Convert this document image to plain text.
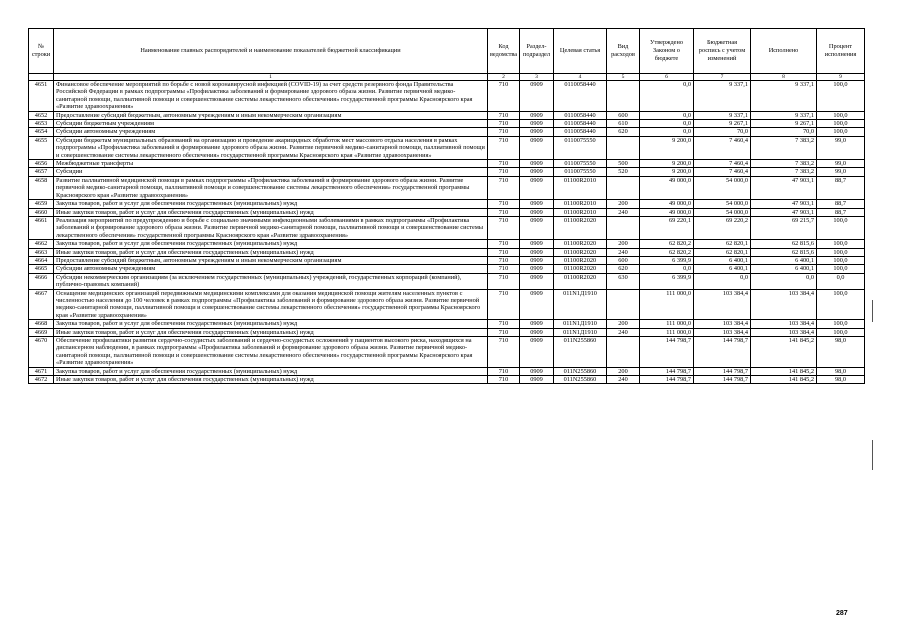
№ строки	Наименование главных распорядителей и наименование показателей бюджетной классификации	Код ведомства	Раздел-подраздел	Целевая статья	Вид расходов	Утверждено Законом о бюджете	Бюджетная роспись с учетом изменений	Исполнено	Процент исполнения
	1	2	3	4	5	6	7	8	9
4651	Финансовое обеспечение мероприятий по борьбе с новой коронавирусной инфекцией (COVID-19) за счет средств резервного фонда Правительства Российской Федерации в рамках подпрограммы «Профилактика заболеваний и формирование здорового образа жизни. Развитие первичной медико-санитарной помощи, паллиативной помощи и совершенствование системы лекарственного обеспечения» государственной программы Красноярского края «Развитие здравоохранения»	710	0909	0110058440		0,0	9 337,1	9 337,1	100,0
4652	Предоставление субсидий бюджетным, автономным учреждениям и иным некоммерческим организациям	710	0909	0110058440	600	0,0	9 337,1	9 337,1	100,0
4653	Субсидии бюджетным учреждениям	710	0909	0110058440	610	0,0	9 267,1	9 267,1	100,0
4654	Субсидии автономным учреждениям	710	0909	0110058440	620	0,0	70,0	70,0	100,0
4655	Субсидии бюджетам муниципальных образований на организацию и проведение акарицидных обработок мест массового отдыха населения в рамках подпрограммы «Профилактика заболеваний и формирование здорового образа жизни. Развитие первичной медико-санитарной помощи, паллиативной помощи и совершенствование системы лекарственного обеспечения» государственной программы Красноярского края «Развитие здравоохранения»	710	0909	0110075550		9 200,0	7 460,4	7 383,2	99,0
4656	Межбюджетные трансферты	710	0909	0110075550	500	9 200,0	7 460,4	7 383,2	99,0
4657	Субсидии	710	0909	0110075550	520	9 200,0	7 460,4	7 383,2	99,0
4658	Развитие паллиативной медицинской помощи в рамках подпрограммы «Профилактика заболеваний и формирование здорового образа жизни. Развитие первичной медико-санитарной помощи, паллиативной помощи и совершенствование системы лекарственного обеспечения» государственной программы Красноярского края «Развитие здравоохранения»	710	0909	01100R2010		49 000,0	54 000,0	47 903,1	88,7
4659	Закупка товаров, работ и услуг для обеспечения государственных (муниципальных) нужд	710	0909	01100R2010	200	49 000,0	54 000,0	47 903,1	88,7
4660	Иные закупки товаров, работ и услуг для обеспечения государственных (муниципальных) нужд	710	0909	01100R2010	240	49 000,0	54 000,0	47 903,1	88,7
4661	Реализация мероприятий по предупреждению и борьбе с социально значимыми инфекционными заболеваниями в рамках подпрограммы «Профилактика заболеваний и формирование здорового образа жизни. Развитие первичной медико-санитарной помощи, паллиативной помощи и совершенствование системы лекарственного обеспечения» государственной программы Красноярского края «Развитие здравоохранения»	710	0909	01100R2020		69 220,1	69 220,2	69 215,7	100,0
4662	Закупка товаров, работ и услуг для обеспечения государственных (муниципальных) нужд	710	0909	01100R2020	200	62 820,2	62 820,1	62 815,6	100,0
4663	Иные закупки товаров, работ и услуг для обеспечения государственных (муниципальных) нужд	710	0909	01100R2020	240	62 820,2	62 820,1	62 815,6	100,0
4664	Предоставление субсидий бюджетным, автономным учреждениям и иным некоммерческим организациям	710	0909	01100R2020	600	6 399,9	6 400,1	6 400,1	100,0
4665	Субсидии автономным учреждениям	710	0909	01100R2020	620	0,0	6 400,1	6 400,1	100,0
4666	Субсидии некоммерческим организациям (за исключением государственных (муниципальных) учреждений, государственных корпораций (компаний), публично-правовых компаний)	710	0909	01100R2020	630	6 399,9	0,0	0,0	0,0
4667	Оснащение медицинских организаций передвижными медицинскими комплексами для оказания медицинской помощи жителям населенных пунктов с численностью населения до 100 человек в рамках подпрограммы «Профилактика заболеваний и формирование здорового образа жизни. Развитие первичной медико-санитарной помощи, паллиативной помощи и совершенствование системы лекарственного обеспечения» государственной программы Красноярского края «Развитие здравоохранения»	710	0909	011N1Д1910		111 000,0	103 384,4	103 384,4	100,0
4668	Закупка товаров, работ и услуг для обеспечения государственных (муниципальных) нужд	710	0909	011N1Д1910	200	111 000,0	103 384,4	103 384,4	100,0
4669	Иные закупки товаров, работ и услуг для обеспечения государственных (муниципальных) нужд	710	0909	011N1Д1910	240	111 000,0	103 384,4	103 384,4	100,0
4670	Обеспечение профилактики развития сердечно-сосудистых заболеваний и сердечно-сосудистых осложнений у пациентов высокого риска, находящихся на диспансерном наблюдении, в рамках подпрограммы «Профилактика заболеваний и формирование здорового образа жизни. Развитие первичной медико-санитарной помощи, паллиативной помощи и совершенствование системы лекарственного обеспечения» государственной программы Красноярского края «Развитие здравоохранения»	710	0909	011N255860		144 798,7	144 798,7	141 845,2	98,0
4671	Закупка товаров, работ и услуг для обеспечения государственных (муниципальных) нужд	710	0909	011N255860	200	144 798,7	144 798,7	141 845,2	98,0
4672	Иные закупки товаров, работ и услуг для обеспечения государственных (муниципальных) нужд	710	0909	011N255860	240	144 798,7	144 798,7	141 845,2	98,0
287
